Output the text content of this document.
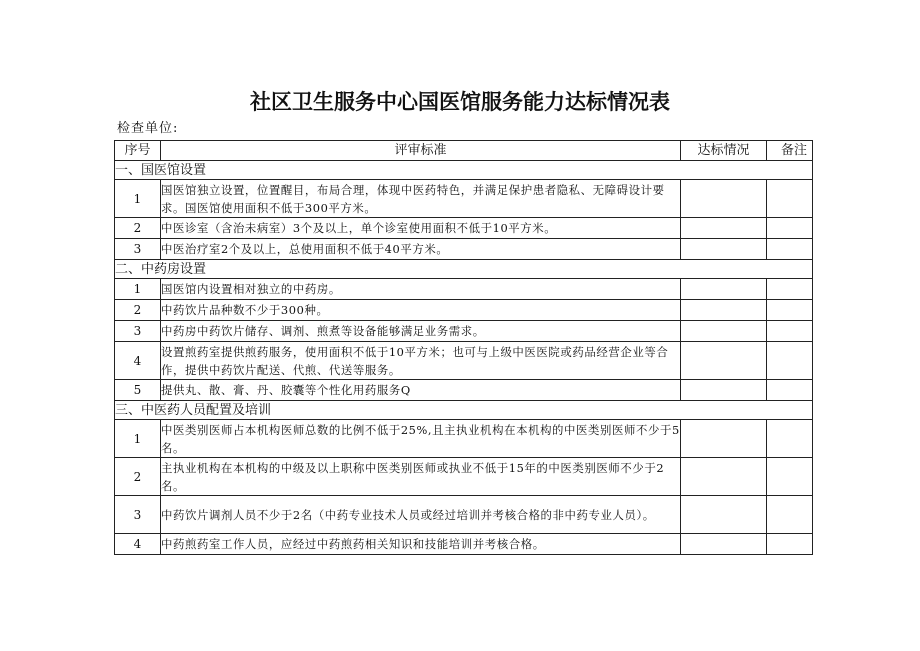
社区卫生服务中心国医馆服务能力达标情况表
检查单位:
序号	评审标准	达标情况	备注
一、国医馆设置			
1	国医馆独立设置，位置醒目，布局合理，体现中医药特色，并满足保护患者隐私、无障碍设计要求。国医馆使用面积不低于300平方米。		
2	中医诊室（含治未病室）3个及以上，单个诊室使用面积不低于10平方米。		
3	中医治疗室2个及以上，总使用面积不低于40平方米。		
二、中药房设置			
1	国医馆内设置相对独立的中药房。		
2	中药饮片品种数不少于300种。		
3	中药房中药饮片储存、调剂、煎煮等设备能够满足业务需求。		
4	设置煎药室提供煎药服务，使用面积不低于10平方米；也可与上级中医医院或药品经营企业等合作，提供中药饮片配送、代煎、代送等服务。		
5	提供丸、散、膏、丹、胶囊等个性化用药服务Q		
三、中医药人员配置及培训			
1	中医类别医师占本机构医师总数的比例不低于25%,且主执业机构在本机构的中医类别医师不少于5名。		
2	主执业机构在本机构的中级及以上职称中医类别医师或执业不低于15年的中医类别医师不少于2名。		
3	中药饮片调剂人员不少于2名（中药专业技术人员或经过培训并考核合格的非中药专业人员）。		
4	中药煎药室工作人员，应经过中药煎药相关知识和技能培训并考核合格。		
